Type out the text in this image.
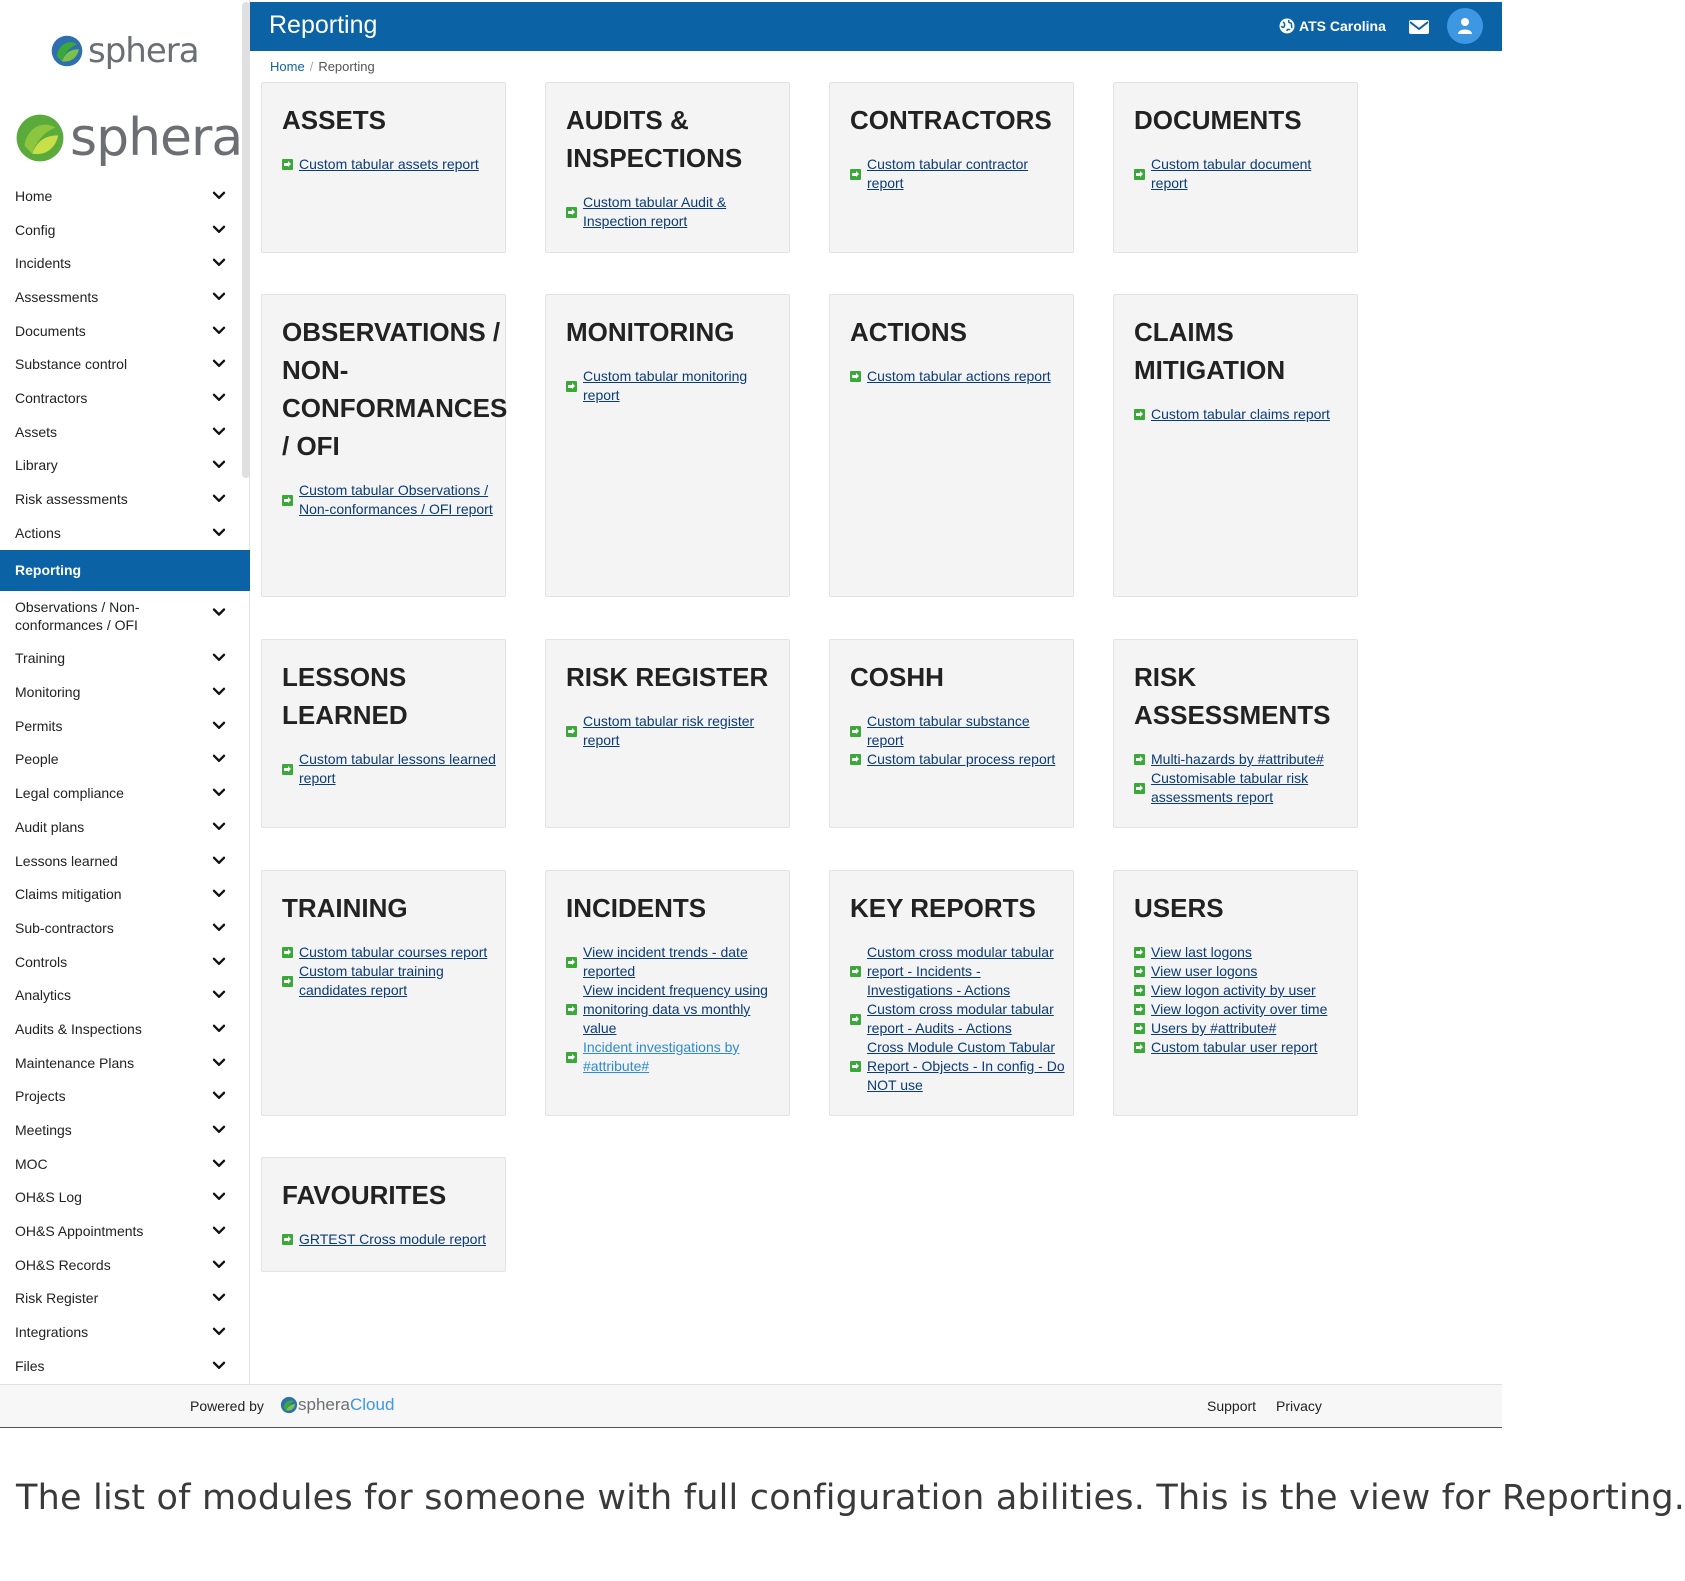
sphera
sphera
Home
Config
Incidents
Assessments
Documents
Substance control
Contractors
Assets
Library
Risk assessments
Actions
Reporting
Observations / Non-conformances / OFI
Training
Monitoring
Permits
People
Legal compliance
Audit plans
Lessons learned
Claims mitigation
Sub-contractors
Controls
Analytics
Audits & Inspections
Maintenance Plans
Projects
Meetings
MOC
OH&S Log
OH&S Appointments
OH&S Records
Risk Register
Integrations
Files
Reporting	ATS Carolina
Home / Reporting
ASSETS
Custom tabular assets report
AUDITS & INSPECTIONS
Custom tabular Audit & Inspection report
CONTRACTORS
Custom tabular contractor report
DOCUMENTS
Custom tabular document report
OBSERVATIONS / NON-CONFORMANCES / OFI
Custom tabular Observations / Non-conformances / OFI report
MONITORING
Custom tabular monitoring report
ACTIONS
Custom tabular actions report
CLAIMS MITIGATION
Custom tabular claims report
LESSONS LEARNED
Custom tabular lessons learned report
RISK REGISTER
Custom tabular risk register report
COSHH
Custom tabular substance report
Custom tabular process report
RISK ASSESSMENTS
Multi-hazards by #attribute#
Customisable tabular risk assessments report
TRAINING
Custom tabular courses report
Custom tabular training candidates report
INCIDENTS
View incident trends - date reported
View incident frequency using monitoring data vs monthly value
Incident investigations by #attribute#
KEY REPORTS
Custom cross modular tabular report - Incidents - Investigations - Actions
Custom cross modular tabular report - Audits - Actions
Cross Module Custom Tabular Report - Objects - In config - Do NOT use
USERS
View last logons
View user logons
View logon activity by user
View logon activity over time
Users by #attribute#
Custom tabular user report
FAVOURITES
GRTEST Cross module report
Powered by sphera Cloud	Support Privacy
The list of modules for someone with full configuration abilities. This is the view for Reporting.
